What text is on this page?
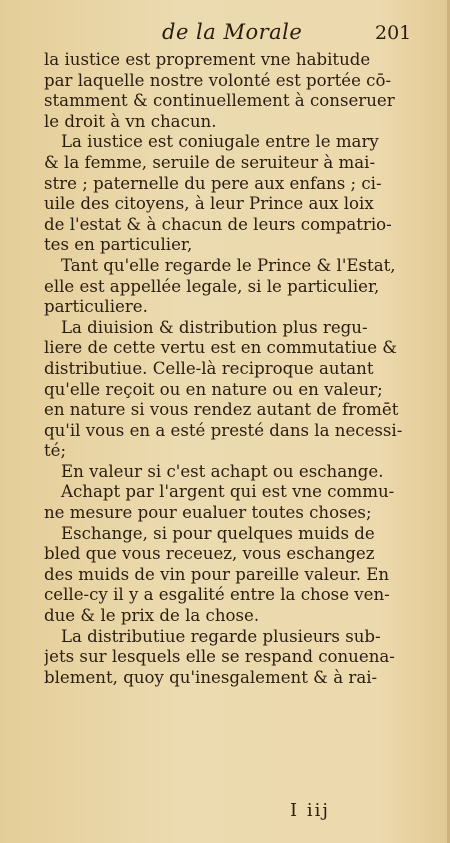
de la Morale	201
la iustice est proprement vne habitude
par laquelle nostre volonté est portée cō-
stamment & continuellement à conseruer
le droit à vn chacun.
La iustice est coniugale entre le mary
& la femme, seruile de seruiteur à mai-
stre ; paternelle du pere aux enfans ; ci-
uile des citoyens, à leur Prince aux loix
de l'estat & à chacun de leurs compatrio-
tes en particulier,
Tant qu'elle regarde le Prince & l'Estat,
elle est appellée legale, si le particulier,
particuliere.
La diuision & distribution plus regu-
liere de cette vertu est en commutatiue &
distributiue. Celle-là reciproque autant
qu'elle reçoit ou en nature ou en valeur;
en nature si vous rendez autant de fromēt
qu'il vous en a esté presté dans la necessi-
té;
En valeur si c'est achapt ou eschange.
Achapt par l'argent qui est vne commu-
ne mesure pour eualuer toutes choses;
Eschange, si pour quelques muids de
bled que vous receuez, vous eschangez
des muids de vin pour pareille valeur. En
celle-cy il y a esgalité entre la chose ven-
due & le prix de la chose.
La distributiue regarde plusieurs sub-
jets sur lesquels elle se respand conuena-
blement, quoy qu'inesgalement & à rai-
I iij
